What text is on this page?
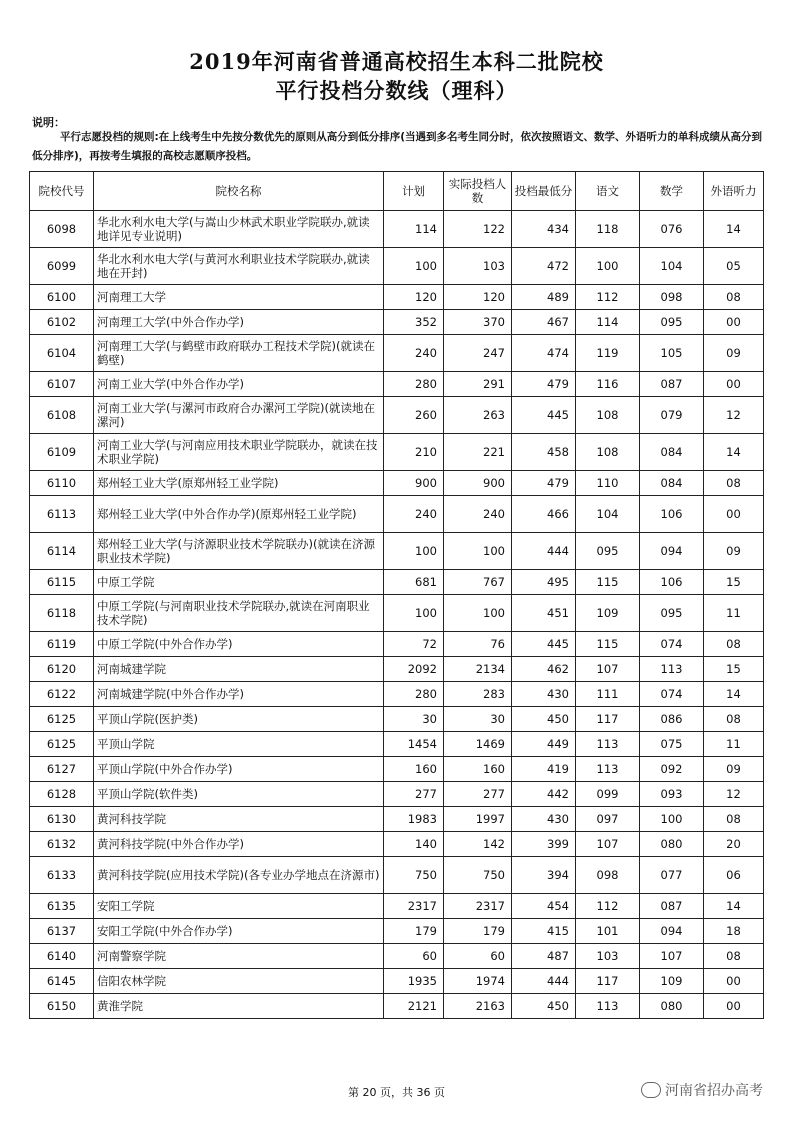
2019年河南省普通高校招生本科二批院校
平行投档分数线（理科）
说明：
平行志愿投档的规则:在上线考生中先按分数优先的原则从高分到低分排序(当遇到多名考生同分时，依次按照语文、数学、外语听力的单科成绩从高分到低分排序)，再按考生填报的高校志愿顺序投档。
院校代号	院校名称	计划	实际投档人数	投档最低分	语文	数学	外语听力
6098	华北水利水电大学(与嵩山少林武术职业学院联办,就读地详见专业说明)	114	122	434	118	076	14
6099	华北水利水电大学(与黄河水利职业技术学院联办,就读地在开封)	100	103	472	100	104	05
6100	河南理工大学	120	120	489	112	098	08
6102	河南理工大学(中外合作办学)	352	370	467	114	095	00
6104	河南理工大学(与鹤壁市政府联办工程技术学院)(就读在鹤壁)	240	247	474	119	105	09
6107	河南工业大学(中外合作办学)	280	291	479	116	087	00
6108	河南工业大学(与漯河市政府合办漯河工学院)(就读地在漯河)	260	263	445	108	079	12
6109	河南工业大学(与河南应用技术职业学院联办，就读在技术职业学院)	210	221	458	108	084	14
6110	郑州轻工业大学(原郑州轻工业学院)	900	900	479	110	084	08
6113	郑州轻工业大学(中外合作办学)(原郑州轻工业学院)	240	240	466	104	106	00
6114	郑州轻工业大学(与济源职业技术学院联办)(就读在济源职业技术学院)	100	100	444	095	094	09
6115	中原工学院	681	767	495	115	106	15
6118	中原工学院(与河南职业技术学院联办,就读在河南职业技术学院)	100	100	451	109	095	11
6119	中原工学院(中外合作办学)	72	76	445	115	074	08
6120	河南城建学院	2092	2134	462	107	113	15
6122	河南城建学院(中外合作办学)	280	283	430	111	074	14
6125	平顶山学院(医护类)	30	30	450	117	086	08
6125	平顶山学院	1454	1469	449	113	075	11
6127	平顶山学院(中外合作办学)	160	160	419	113	092	09
6128	平顶山学院(软件类)	277	277	442	099	093	12
6130	黄河科技学院	1983	1997	430	097	100	08
6132	黄河科技学院(中外合作办学)	140	142	399	107	080	20
6133	黄河科技学院(应用技术学院)(各专业办学地点在济源市)	750	750	394	098	077	06
6135	安阳工学院	2317	2317	454	112	087	14
6137	安阳工学院(中外合作办学)	179	179	415	101	094	18
6140	河南警察学院	60	60	487	103	107	08
6145	信阳农林学院	1935	1974	444	117	109	00
6150	黄淮学院	2121	2163	450	113	080	00
第 20 页，共 36 页	河南省招办高考
